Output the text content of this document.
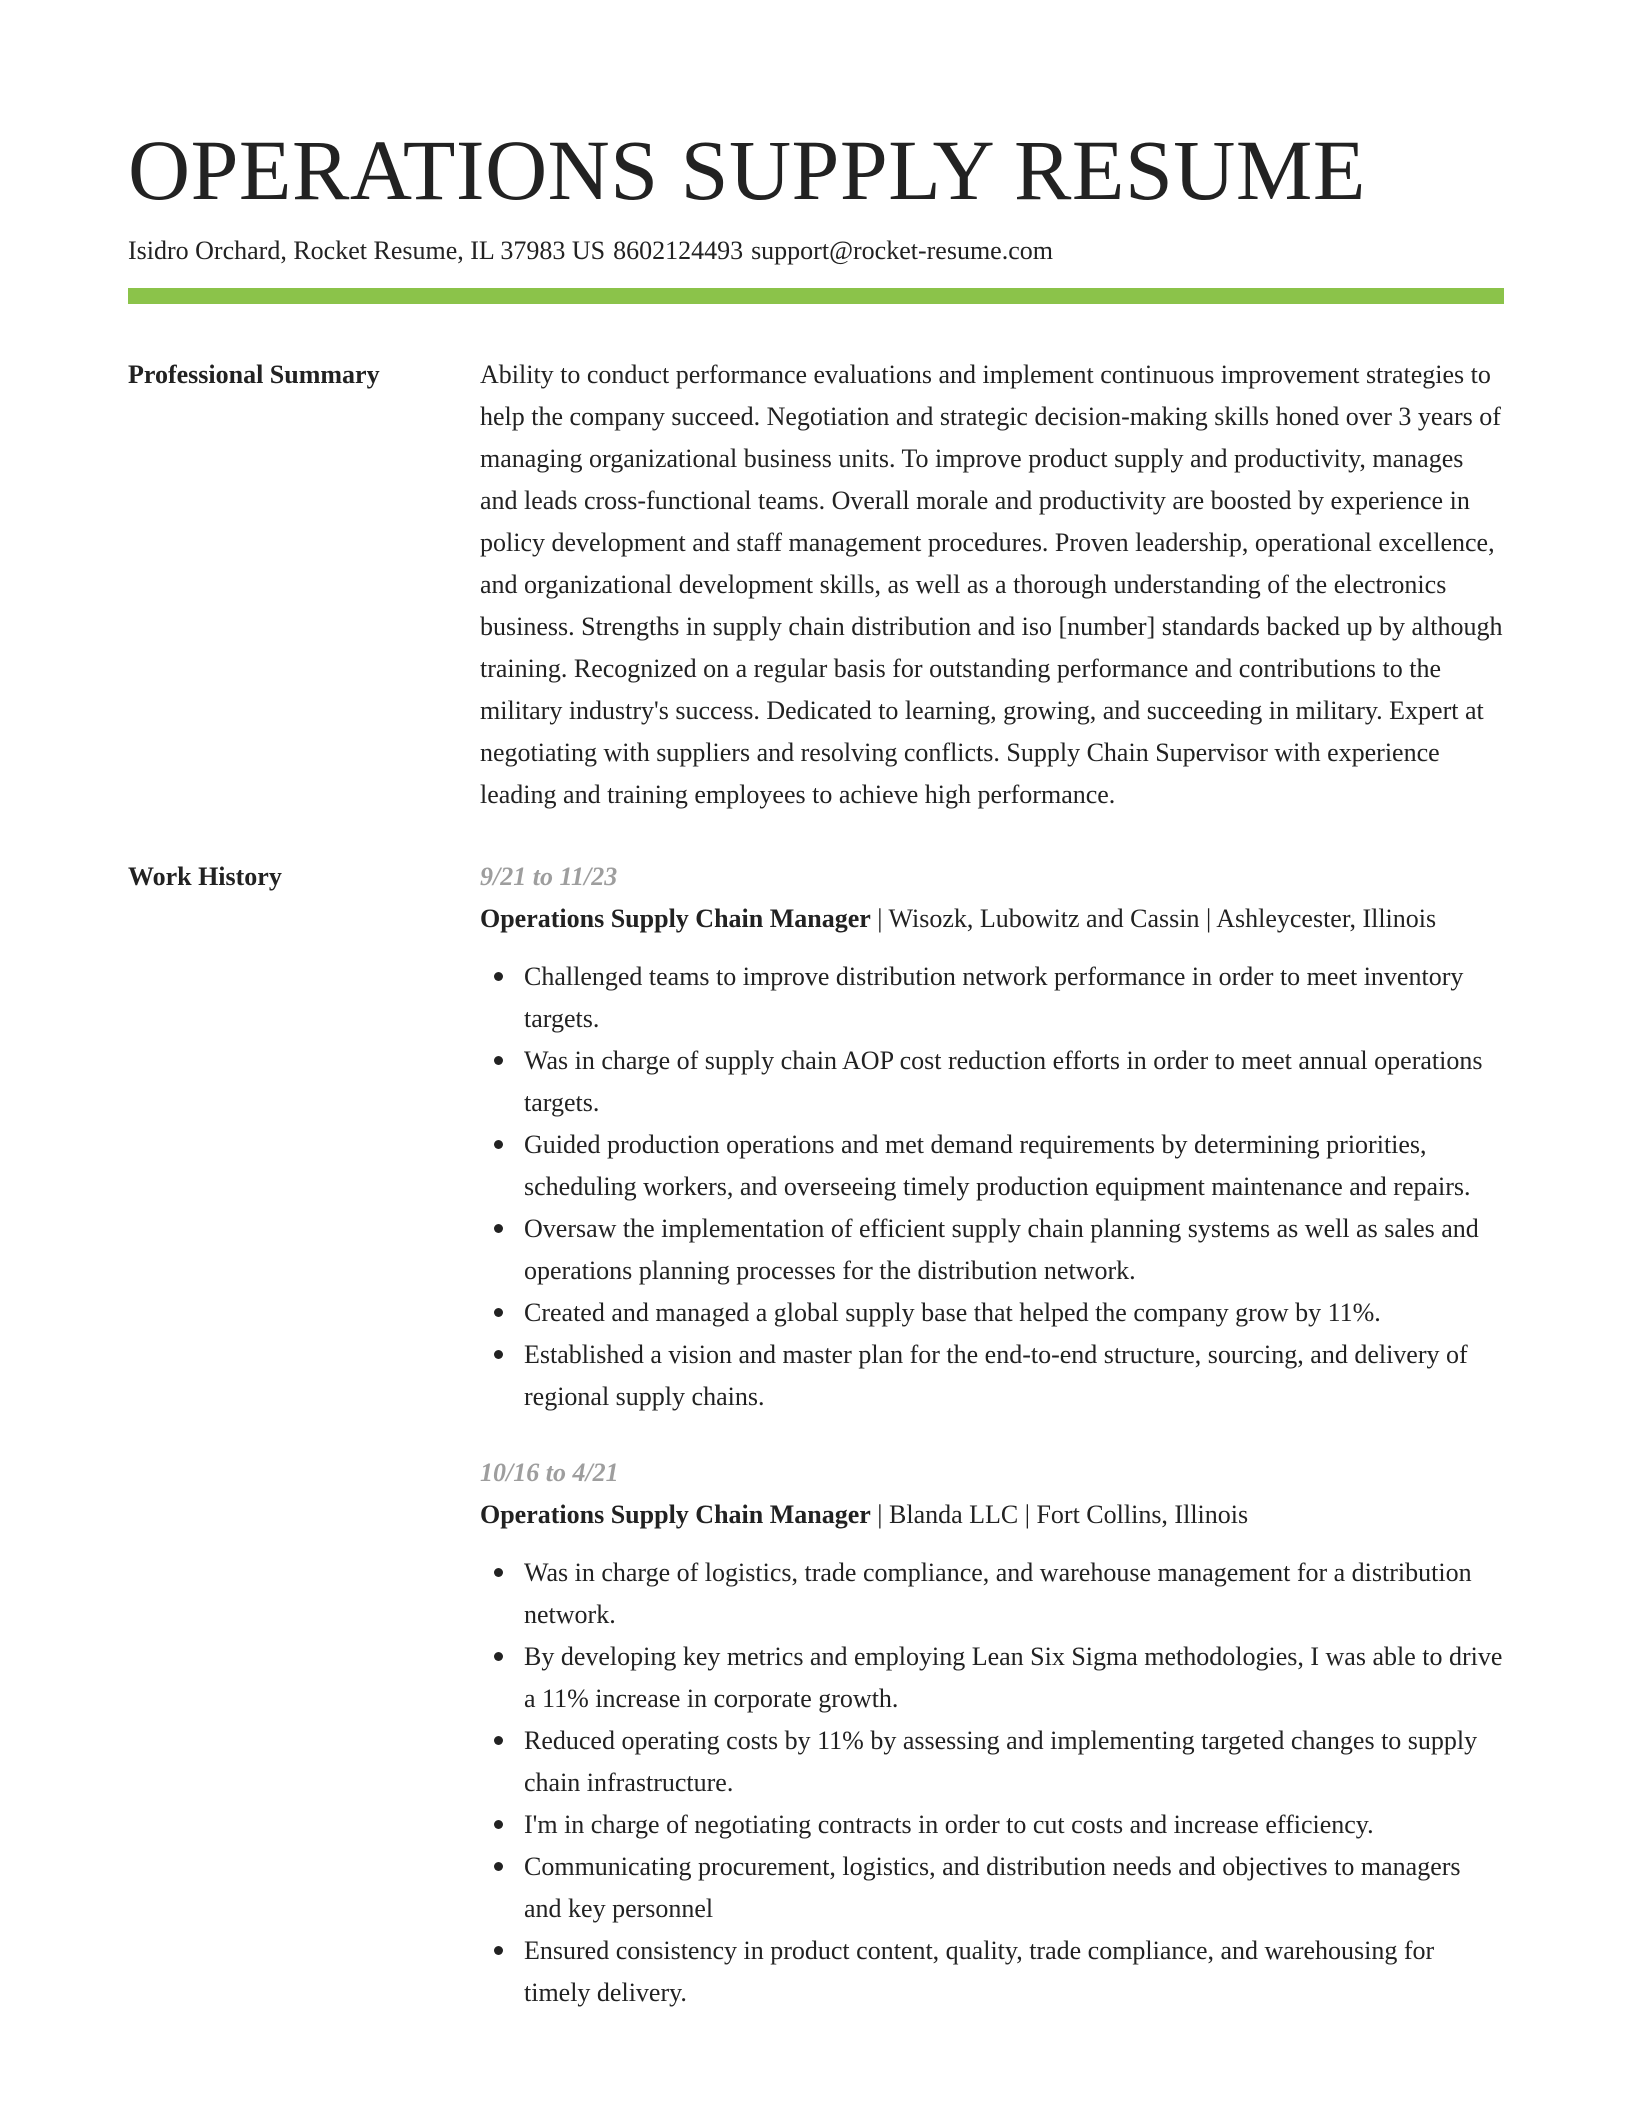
OPERATIONS SUPPLY RESUME
Isidro Orchard, Rocket Resume, IL 37983 US 8602124493 support@rocket-resume.com
Professional Summary	Ability to conduct performance evaluations and implement continuous improvement strategies to help the company succeed. Negotiation and strategic decision-making skills honed over 3 years of managing organizational business units. To improve product supply and productivity, manages and leads cross-functional teams. Overall morale and productivity are boosted by experience in policy development and staff management procedures. Proven leadership, operational excellence, and organizational development skills, as well as a thorough understanding of the electronics business. Strengths in supply chain distribution and iso [number] standards backed up by although training. Recognized on a regular basis for outstanding performance and contributions to the military industry's success. Dedicated to learning, growing, and succeeding in military. Expert at negotiating with suppliers and resolving conflicts. Supply Chain Supervisor with experience leading and training employees to achieve high performance.

Work History	9/21 to 11/23

Operations Supply Chain Manager | Wisozk, Lubowitz and Cassin | Ashleycester, Illinois

Challenged teams to improve distribution network performance in order to meet inventory targets.
Was in charge of supply chain AOP cost reduction efforts in order to meet annual operations targets.
Guided production operations and met demand requirements by determining priorities, scheduling workers, and overseeing timely production equipment maintenance and repairs.
Oversaw the implementation of efficient supply chain planning systems as well as sales and operations planning processes for the distribution network.
Created and managed a global supply base that helped the company grow by 11%.
Established a vision and master plan for the end-to-end structure, sourcing, and delivery of regional supply chains.
10/16 to 4/21

Operations Supply Chain Manager | Blanda LLC | Fort Collins, Illinois

Was in charge of logistics, trade compliance, and warehouse management for a distribution network.
By developing key metrics and employing Lean Six Sigma methodologies, I was able to drive a 11% increase in corporate growth.
Reduced operating costs by 11% by assessing and implementing targeted changes to supply chain infrastructure.
I'm in charge of negotiating contracts in order to cut costs and increase efficiency.
Communicating procurement, logistics, and distribution needs and objectives to managers and key personnel
Ensured consistency in product content, quality, trade compliance, and warehousing for timely delivery.
